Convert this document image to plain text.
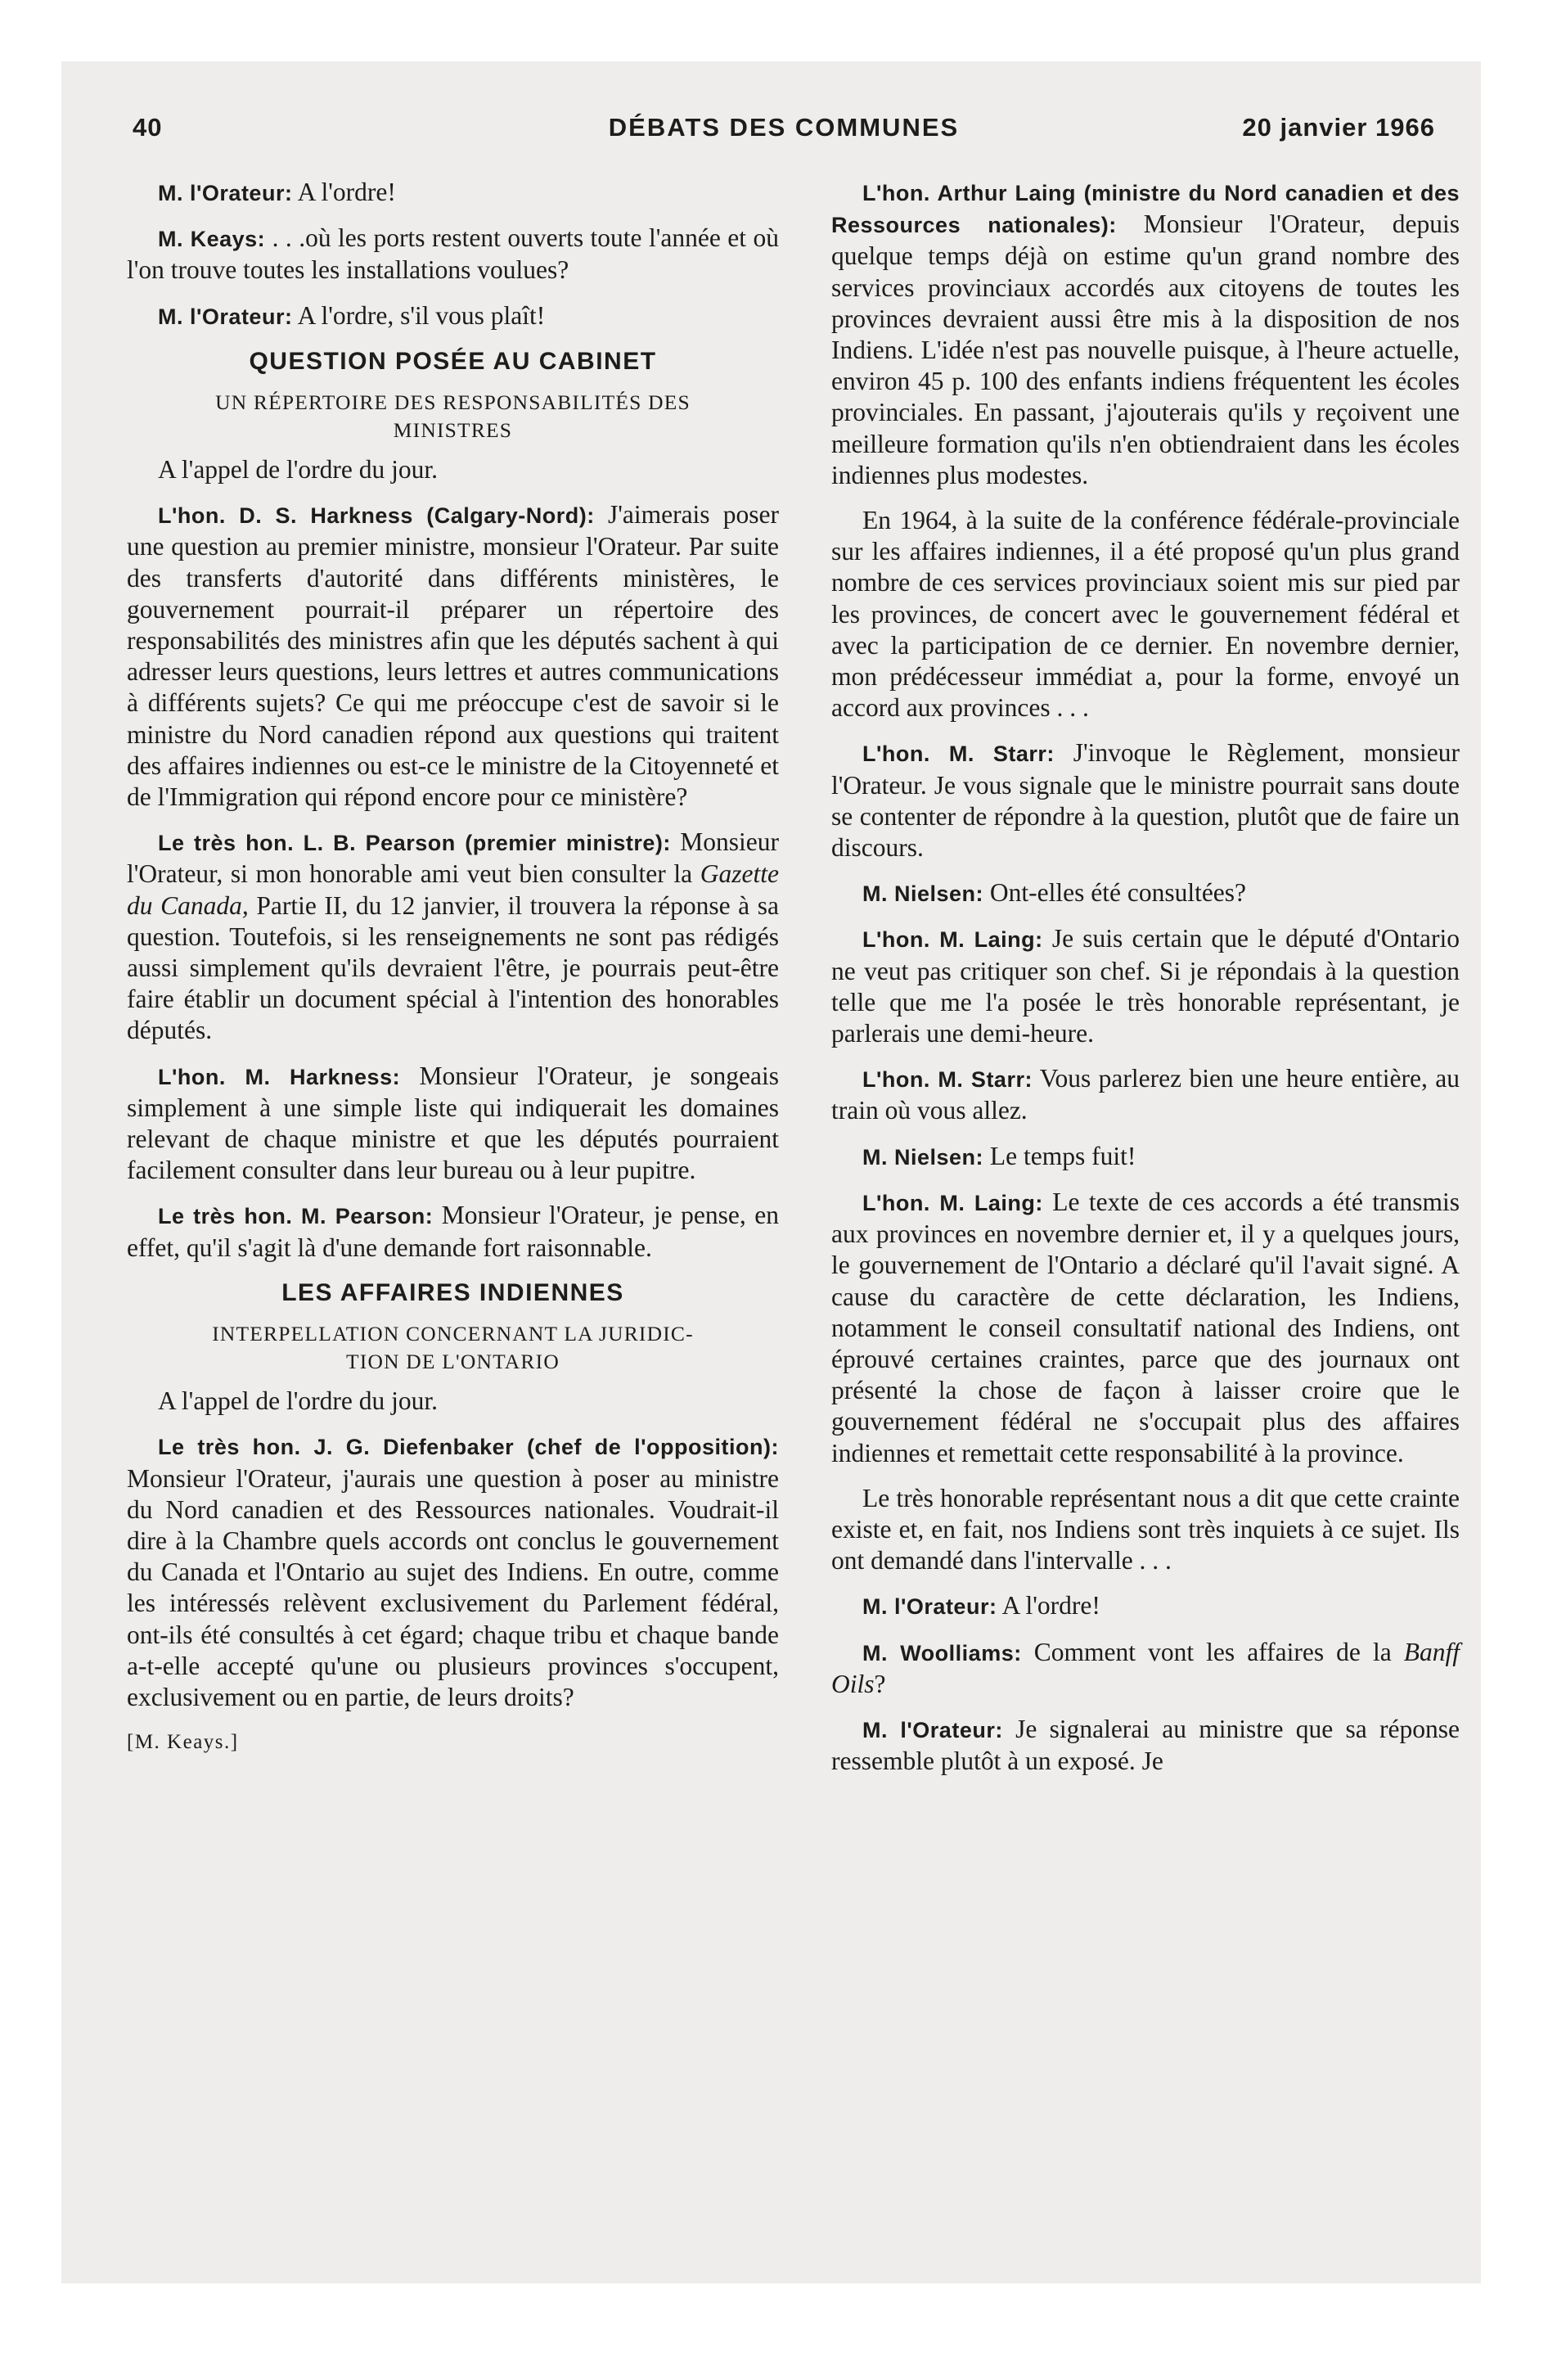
40	DÉBATS DES COMMUNES	20 janvier 1966

M. l'Orateur: A l'ordre!

M. Keays: . . .où les ports restent ouverts toute l'année et où l'on trouve toutes les installations voulues?

M. l'Orateur: A l'ordre, s'il vous plaît!

QUESTION POSÉE AU CABINET
UN RÉPERTOIRE DES RESPONSABILITÉS DES
MINISTRES

A l'appel de l'ordre du jour.

L'hon. D. S. Harkness (Calgary-Nord): J'aimerais poser une question au premier ministre, monsieur l'Orateur. Par suite des transferts d'autorité dans différents ministères, le gouvernement pourrait-il préparer un répertoire des responsabilités des ministres afin que les députés sachent à qui adresser leurs questions, leurs lettres et autres communications à différents sujets? Ce qui me préoccupe c'est de savoir si le ministre du Nord canadien répond aux questions qui traitent des affaires indiennes ou est-ce le ministre de la Citoyenneté et de l'Immigration qui répond encore pour ce ministère?

Le très hon. L. B. Pearson (premier ministre): Monsieur l'Orateur, si mon honorable ami veut bien consulter la Gazette du Canada, Partie II, du 12 janvier, il trouvera la réponse à sa question. Toutefois, si les renseignements ne sont pas rédigés aussi simplement qu'ils devraient l'être, je pourrais peut-être faire établir un document spécial à l'intention des honorables députés.

L'hon. M. Harkness: Monsieur l'Orateur, je songeais simplement à une simple liste qui indiquerait les domaines relevant de chaque ministre et que les députés pourraient facilement consulter dans leur bureau ou à leur pupitre.

Le très hon. M. Pearson: Monsieur l'Orateur, je pense, en effet, qu'il s'agit là d'une demande fort raisonnable.

LES AFFAIRES INDIENNES
INTERPELLATION CONCERNANT LA JURIDIC-
TION DE L'ONTARIO

A l'appel de l'ordre du jour.

Le très hon. J. G. Diefenbaker (chef de l'opposition): Monsieur l'Orateur, j'aurais une question à poser au ministre du Nord canadien et des Ressources nationales. Voudrait-il dire à la Chambre quels accords ont conclus le gouvernement du Canada et l'Ontario au sujet des Indiens. En outre, comme les intéressés relèvent exclusivement du Parlement fédéral, ont-ils été consultés à cet égard; chaque tribu et chaque bande a-t-elle accepté qu'une ou plusieurs provinces s'occupent, exclusivement ou en partie, de leurs droits?

[M. Keays.]

L'hon. Arthur Laing (ministre du Nord canadien et des Ressources nationales): Monsieur l'Orateur, depuis quelque temps déjà on estime qu'un grand nombre des services provinciaux accordés aux citoyens de toutes les provinces devraient aussi être mis à la disposition de nos Indiens. L'idée n'est pas nouvelle puisque, à l'heure actuelle, environ 45 p. 100 des enfants indiens fréquentent les écoles provinciales. En passant, j'ajouterais qu'ils y reçoivent une meilleure formation qu'ils n'en obtiendraient dans les écoles indiennes plus modestes.

En 1964, à la suite de la conférence fédérale-provinciale sur les affaires indiennes, il a été proposé qu'un plus grand nombre de ces services provinciaux soient mis sur pied par les provinces, de concert avec le gouvernement fédéral et avec la participation de ce dernier. En novembre dernier, mon prédécesseur immédiat a, pour la forme, envoyé un accord aux provinces . . .

L'hon. M. Starr: J'invoque le Règlement, monsieur l'Orateur. Je vous signale que le ministre pourrait sans doute se contenter de répondre à la question, plutôt que de faire un discours.

M. Nielsen: Ont-elles été consultées?

L'hon. M. Laing: Je suis certain que le député d'Ontario ne veut pas critiquer son chef. Si je répondais à la question telle que me l'a posée le très honorable représentant, je parlerais une demi-heure.

L'hon. M. Starr: Vous parlerez bien une heure entière, au train où vous allez.

M. Nielsen: Le temps fuit!

L'hon. M. Laing: Le texte de ces accords a été transmis aux provinces en novembre dernier et, il y a quelques jours, le gouvernement de l'Ontario a déclaré qu'il l'avait signé. A cause du caractère de cette déclaration, les Indiens, notamment le conseil consultatif national des Indiens, ont éprouvé certaines craintes, parce que des journaux ont présenté la chose de façon à laisser croire que le gouvernement fédéral ne s'occupait plus des affaires indiennes et remettait cette responsabilité à la province.

Le très honorable représentant nous a dit que cette crainte existe et, en fait, nos Indiens sont très inquiets à ce sujet. Ils ont demandé dans l'intervalle . . .

M. l'Orateur: A l'ordre!

M. Woolliams: Comment vont les affaires de la Banff Oils?

M. l'Orateur: Je signalerai au ministre que sa réponse ressemble plutôt à un exposé. Je
